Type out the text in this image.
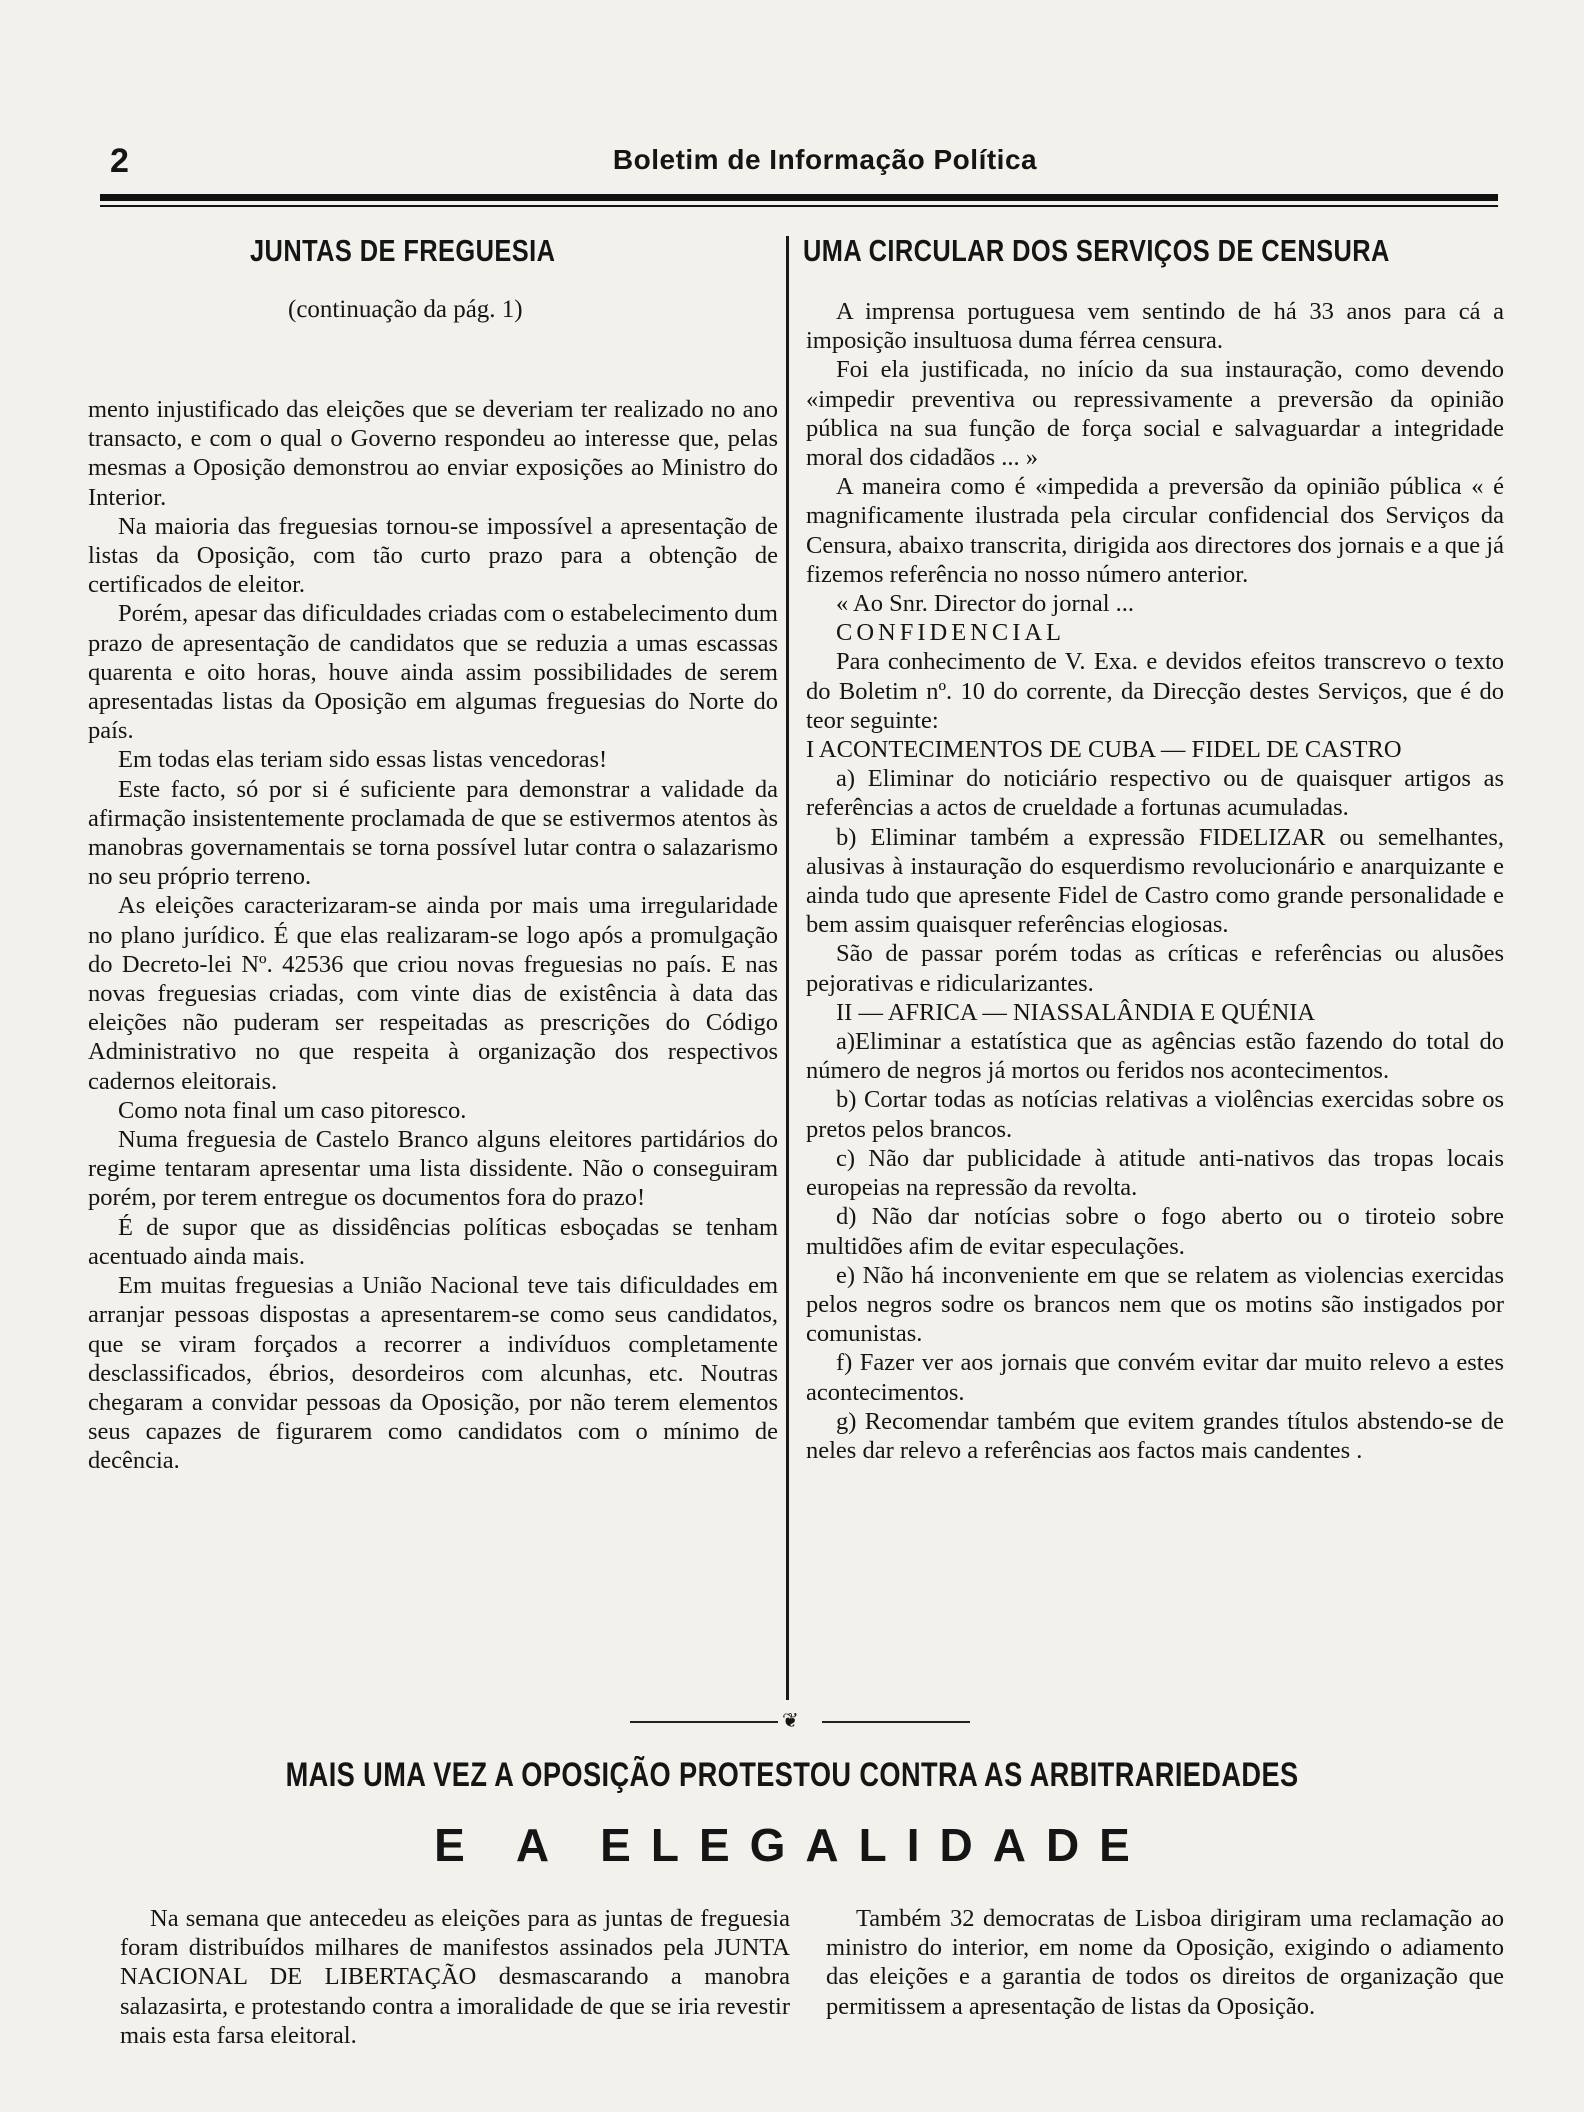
2	Boletim de Informação Política
JUNTAS DE FREGUESIA
(continuação da pág. 1)

mento injustificado das eleições que se deveriam ter realizado no ano transacto, e com o qual o Governo respondeu ao interesse que, pelas mesmas a Oposição demonstrou ao enviar exposições ao Ministro do Interior.

Na maioria das freguesias tornou-se impossível a apresentação de listas da Oposição, com tão curto prazo para a obtenção de certificados de eleitor.

Porém, apesar das dificuldades criadas com o estabelecimento dum prazo de apresentação de candidatos que se reduzia a umas escassas quarenta e oito horas, houve ainda assim possibilidades de serem apresentadas listas da Oposição em algumas freguesias do Norte do país.

Em todas elas teriam sido essas listas vencedoras!

Este facto, só por si é suficiente para demonstrar a validade da afirmação insistentemente proclamada de que se estivermos atentos às manobras governamentais se torna possível lutar contra o salazarismo no seu próprio terreno.

As eleições caracterizaram-se ainda por mais uma irregularidade no plano jurídico. É que elas realizaram-se logo após a promulgação do Decreto-lei Nº. 42536 que criou novas freguesias no país. E nas novas freguesias criadas, com vinte dias de existência à data das eleições não puderam ser respeitadas as prescrições do Código Administrativo no que respeita à organização dos respectivos cadernos eleitorais.

Como nota final um caso pitoresco.

Numa freguesia de Castelo Branco alguns eleitores partidários do regime tentaram apresentar uma lista dissidente. Não o conseguiram porém, por terem entregue os documentos fora do prazo!

É de supor que as dissidências políticas esboçadas se tenham acentuado ainda mais.

Em muitas freguesias a União Nacional teve tais dificuldades em arranjar pessoas dispostas a apresentarem-se como seus candidatos, que se viram forçados a recorrer a indivíduos completamente desclassificados, ébrios, desordeiros com alcunhas, etc. Noutras chegaram a convidar pessoas da Oposição, por não terem elementos seus capazes de figurarem como candidatos com o mínimo de decência.

UMA CIRCULAR DOS SERVIÇOS DE CENSURA

A imprensa portuguesa vem sentindo de há 33 anos para cá a imposição insultuosa duma férrea censura.

Foi ela justificada, no início da sua instauração, como devendo «impedir preventiva ou repressivamente a preversão da opinião pública na sua função de força social e salvaguardar a integridade moral dos cidadãos ... »

A maneira como é «impedida a preversão da opinião pública « é magnificamente ilustrada pela circular confidencial dos Serviços da Censura, abaixo transcrita, dirigida aos directores dos jornais e a que já fizemos referência no nosso número anterior.

« Ao Snr. Director do jornal ...

CONFIDENCIAL

Para conhecimento de V. Exa. e devidos efeitos transcrevo o texto do Boletim nº. 10 do corrente, da Direcção destes Serviços, que é do teor seguinte:

I ACONTECIMENTOS DE CUBA — FIDEL DE CASTRO

a) Eliminar do noticiário respectivo ou de quaisquer artigos as referências a actos de crueldade a fortunas acumuladas.

b) Eliminar também a expressão FIDELIZAR ou semelhantes, alusivas à instauração do esquerdismo revolucionário e anarquizante e ainda tudo que apresente Fidel de Castro como grande personalidade e bem assim quaisquer referências elogiosas.

São de passar porém todas as críticas e referências ou alusões pejorativas e ridicularizantes.

II — AFRICA — NIASSALÂNDIA E QUÉNIA

a)Eliminar a estatística que as agências estão fazendo do total do número de negros já mortos ou feridos nos acontecimentos.

b) Cortar todas as notícias relativas a violências exercidas sobre os pretos pelos brancos.

c) Não dar publicidade à atitude anti-nativos das tropas locais europeias na repressão da revolta.

d) Não dar notícias sobre o fogo aberto ou o tiroteio sobre multidões afim de evitar especulações.

e) Não há inconveniente em que se relatem as violencias exercidas pelos negros sodre os brancos nem que os motins são instigados por comunistas.

f) Fazer ver aos jornais que convém evitar dar muito relevo a estes acontecimentos.

g) Recomendar também que evitem grandes títulos abstendo-se de neles dar relevo a referências aos factos mais candentes .

❦
MAIS UMA VEZ A OPOSIÇÃO PROTESTOU CONTRA AS ARBITRARIEDADES
E A ELEGALIDADE

Na semana que antecedeu as eleições para as juntas de freguesia foram distribuídos milhares de manifestos assinados pela JUNTA NACIONAL DE LIBERTAÇÃO desmascarando a manobra salazasirta, e protestando contra a imoralidade de que se iria revestir mais esta farsa eleitoral.

Também 32 democratas de Lisboa dirigiram uma reclamação ao ministro do interior, em nome da Oposição, exigindo o adiamento das eleições e a garantia de todos os direitos de organização que permitissem a apresentação de listas da Oposição.
